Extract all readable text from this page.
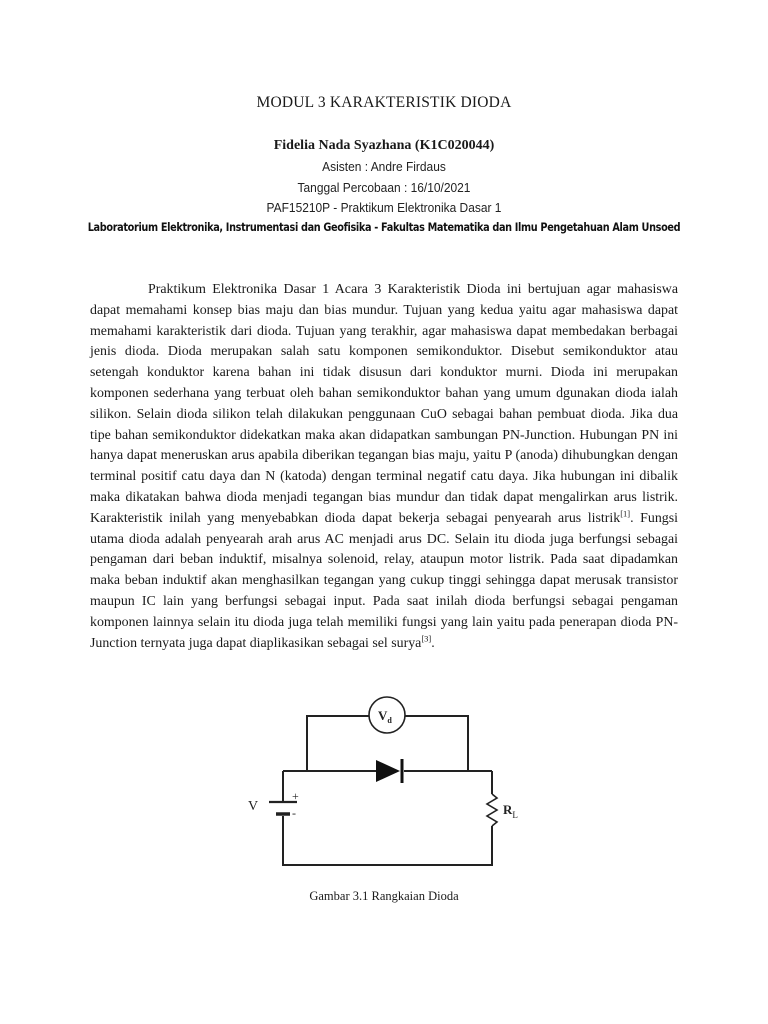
MODUL 3 KARAKTERISTIK DIODA
Fidelia Nada Syazhana (K1C020044)
Asisten : Andre Firdaus
Tanggal Percobaan : 16/10/2021
PAF15210P - Praktikum Elektronika Dasar 1
Laboratorium Elektronika, Instrumentasi dan Geofisika - Fakultas Matematika dan Ilmu Pengetahuan Alam Unsoed

Praktikum Elektronika Dasar 1 Acara 3 Karakteristik Dioda ini bertujuan agar mahasiswa dapat memahami konsep bias maju dan bias mundur. Tujuan yang kedua yaitu agar mahasiswa dapat memahami karakteristik dari dioda. Tujuan yang terakhir, agar mahasiswa dapat membedakan berbagai jenis dioda. Dioda merupakan salah satu komponen semikonduktor. Disebut semikonduktor atau setengah konduktor karena bahan ini tidak disusun dari konduktor murni. Dioda ini merupakan komponen sederhana yang terbuat oleh bahan semikonduktor bahan yang umum dgunakan dioda ialah silikon. Selain dioda silikon telah dilakukan penggunaan CuO sebagai bahan pembuat dioda. Jika dua tipe bahan semikonduktor didekatkan maka akan didapatkan sambungan PN-Junction. Hubungan PN ini hanya dapat meneruskan arus apabila diberikan tegangan bias maju, yaitu P (anoda) dihubungkan dengan terminal positif catu daya dan N (katoda) dengan terminal negatif catu daya. Jika hubungan ini dibalik maka dikatakan bahwa dioda menjadi tegangan bias mundur dan tidak dapat mengalirkan arus listrik. Karakteristik inilah yang menyebabkan dioda dapat bekerja sebagai penyearah arus listrik[1]. Fungsi utama dioda adalah penyearah arah arus AC menjadi arus DC. Selain itu dioda juga berfungsi sebagai pengaman dari beban induktif, misalnya solenoid, relay, ataupun motor listrik. Pada saat dipadamkan maka beban induktif akan menghasilkan tegangan yang cukup tinggi sehingga dapat merusak transistor maupun IC lain yang berfungsi sebagai input. Pada saat inilah dioda berfungsi sebagai pengaman komponen lainnya selain itu dioda juga telah memiliki fungsi yang lain yaitu pada penerapan dioda PN-Junction ternyata juga dapat diaplikasikan sebagai sel surya[3].

$V_d$
V
+
-	$R_L$
Gambar 3.1 Rangkaian Dioda
